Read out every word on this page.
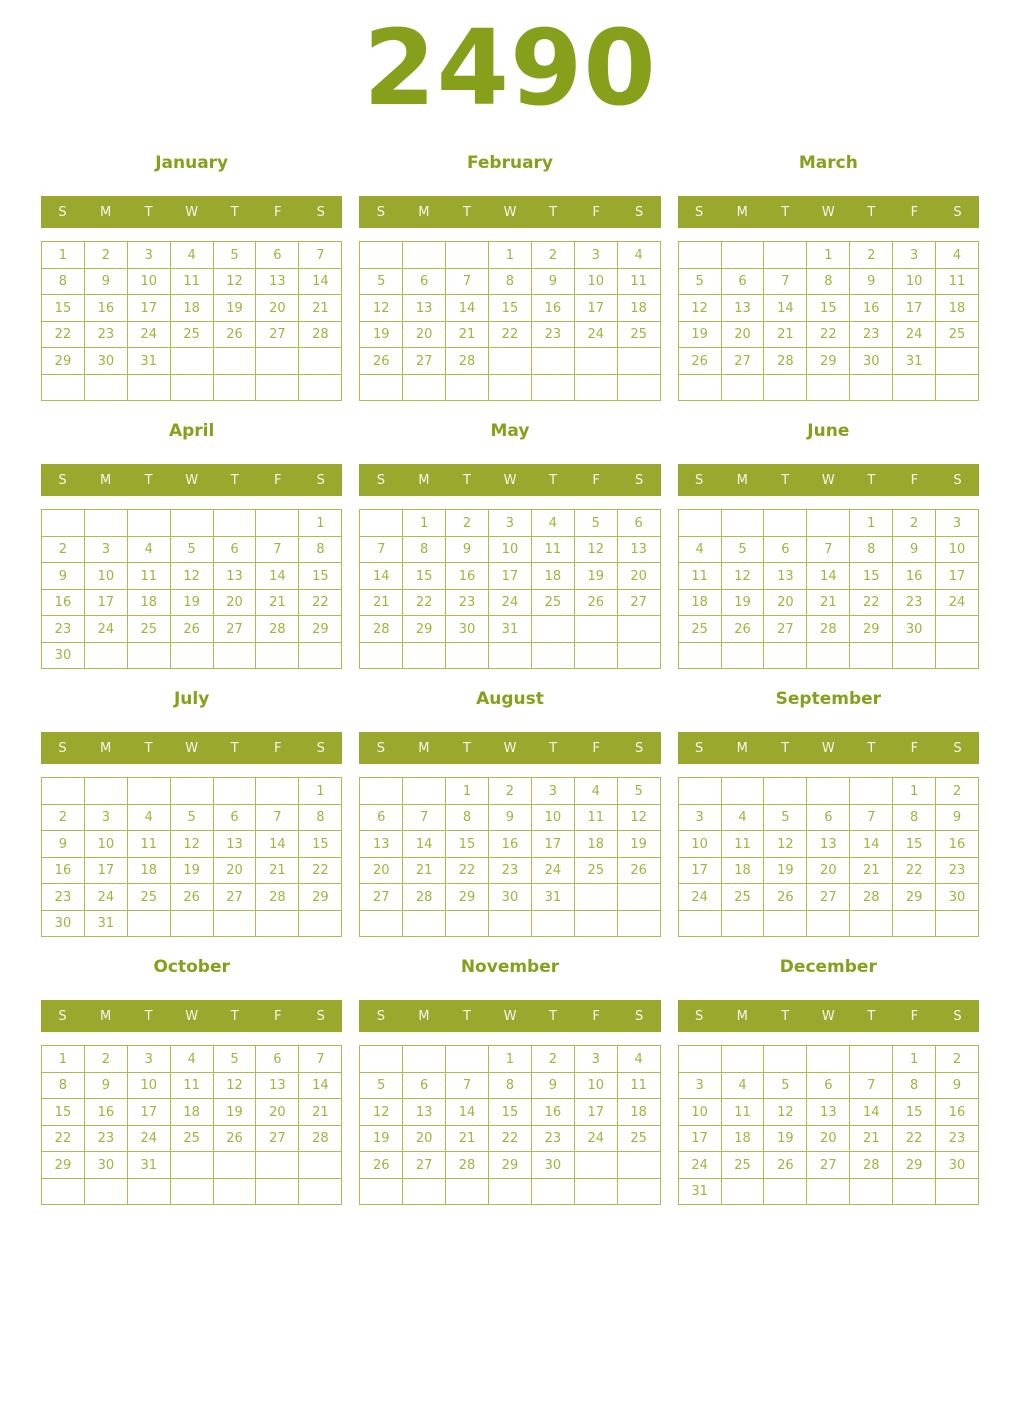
2490
January
S	M	T	W	T	F	S
1	2	3	4	5	6	7
8	9	10	11	12	13	14
15	16	17	18	19	20	21
22	23	24	25	26	27	28
29	30	31				

February
S	M	T	W	T	F	S
			1	2	3	4
5	6	7	8	9	10	11
12	13	14	15	16	17	18
19	20	21	22	23	24	25
26	27	28				

March
S	M	T	W	T	F	S
			1	2	3	4
5	6	7	8	9	10	11
12	13	14	15	16	17	18
19	20	21	22	23	24	25
26	27	28	29	30	31	

April
S	M	T	W	T	F	S
						1
2	3	4	5	6	7	8
9	10	11	12	13	14	15
16	17	18	19	20	21	22
23	24	25	26	27	28	29
30						
May
S	M	T	W	T	F	S
	1	2	3	4	5	6
7	8	9	10	11	12	13
14	15	16	17	18	19	20
21	22	23	24	25	26	27
28	29	30	31			

June
S	M	T	W	T	F	S
				1	2	3
4	5	6	7	8	9	10
11	12	13	14	15	16	17
18	19	20	21	22	23	24
25	26	27	28	29	30	

July
S	M	T	W	T	F	S
						1
2	3	4	5	6	7	8
9	10	11	12	13	14	15
16	17	18	19	20	21	22
23	24	25	26	27	28	29
30	31					
August
S	M	T	W	T	F	S
		1	2	3	4	5
6	7	8	9	10	11	12
13	14	15	16	17	18	19
20	21	22	23	24	25	26
27	28	29	30	31		

September
S	M	T	W	T	F	S
					1	2
3	4	5	6	7	8	9
10	11	12	13	14	15	16
17	18	19	20	21	22	23
24	25	26	27	28	29	30

October
S	M	T	W	T	F	S
1	2	3	4	5	6	7
8	9	10	11	12	13	14
15	16	17	18	19	20	21
22	23	24	25	26	27	28
29	30	31				

November
S	M	T	W	T	F	S
			1	2	3	4
5	6	7	8	9	10	11
12	13	14	15	16	17	18
19	20	21	22	23	24	25
26	27	28	29	30		

December
S	M	T	W	T	F	S
					1	2
3	4	5	6	7	8	9
10	11	12	13	14	15	16
17	18	19	20	21	22	23
24	25	26	27	28	29	30
31						
